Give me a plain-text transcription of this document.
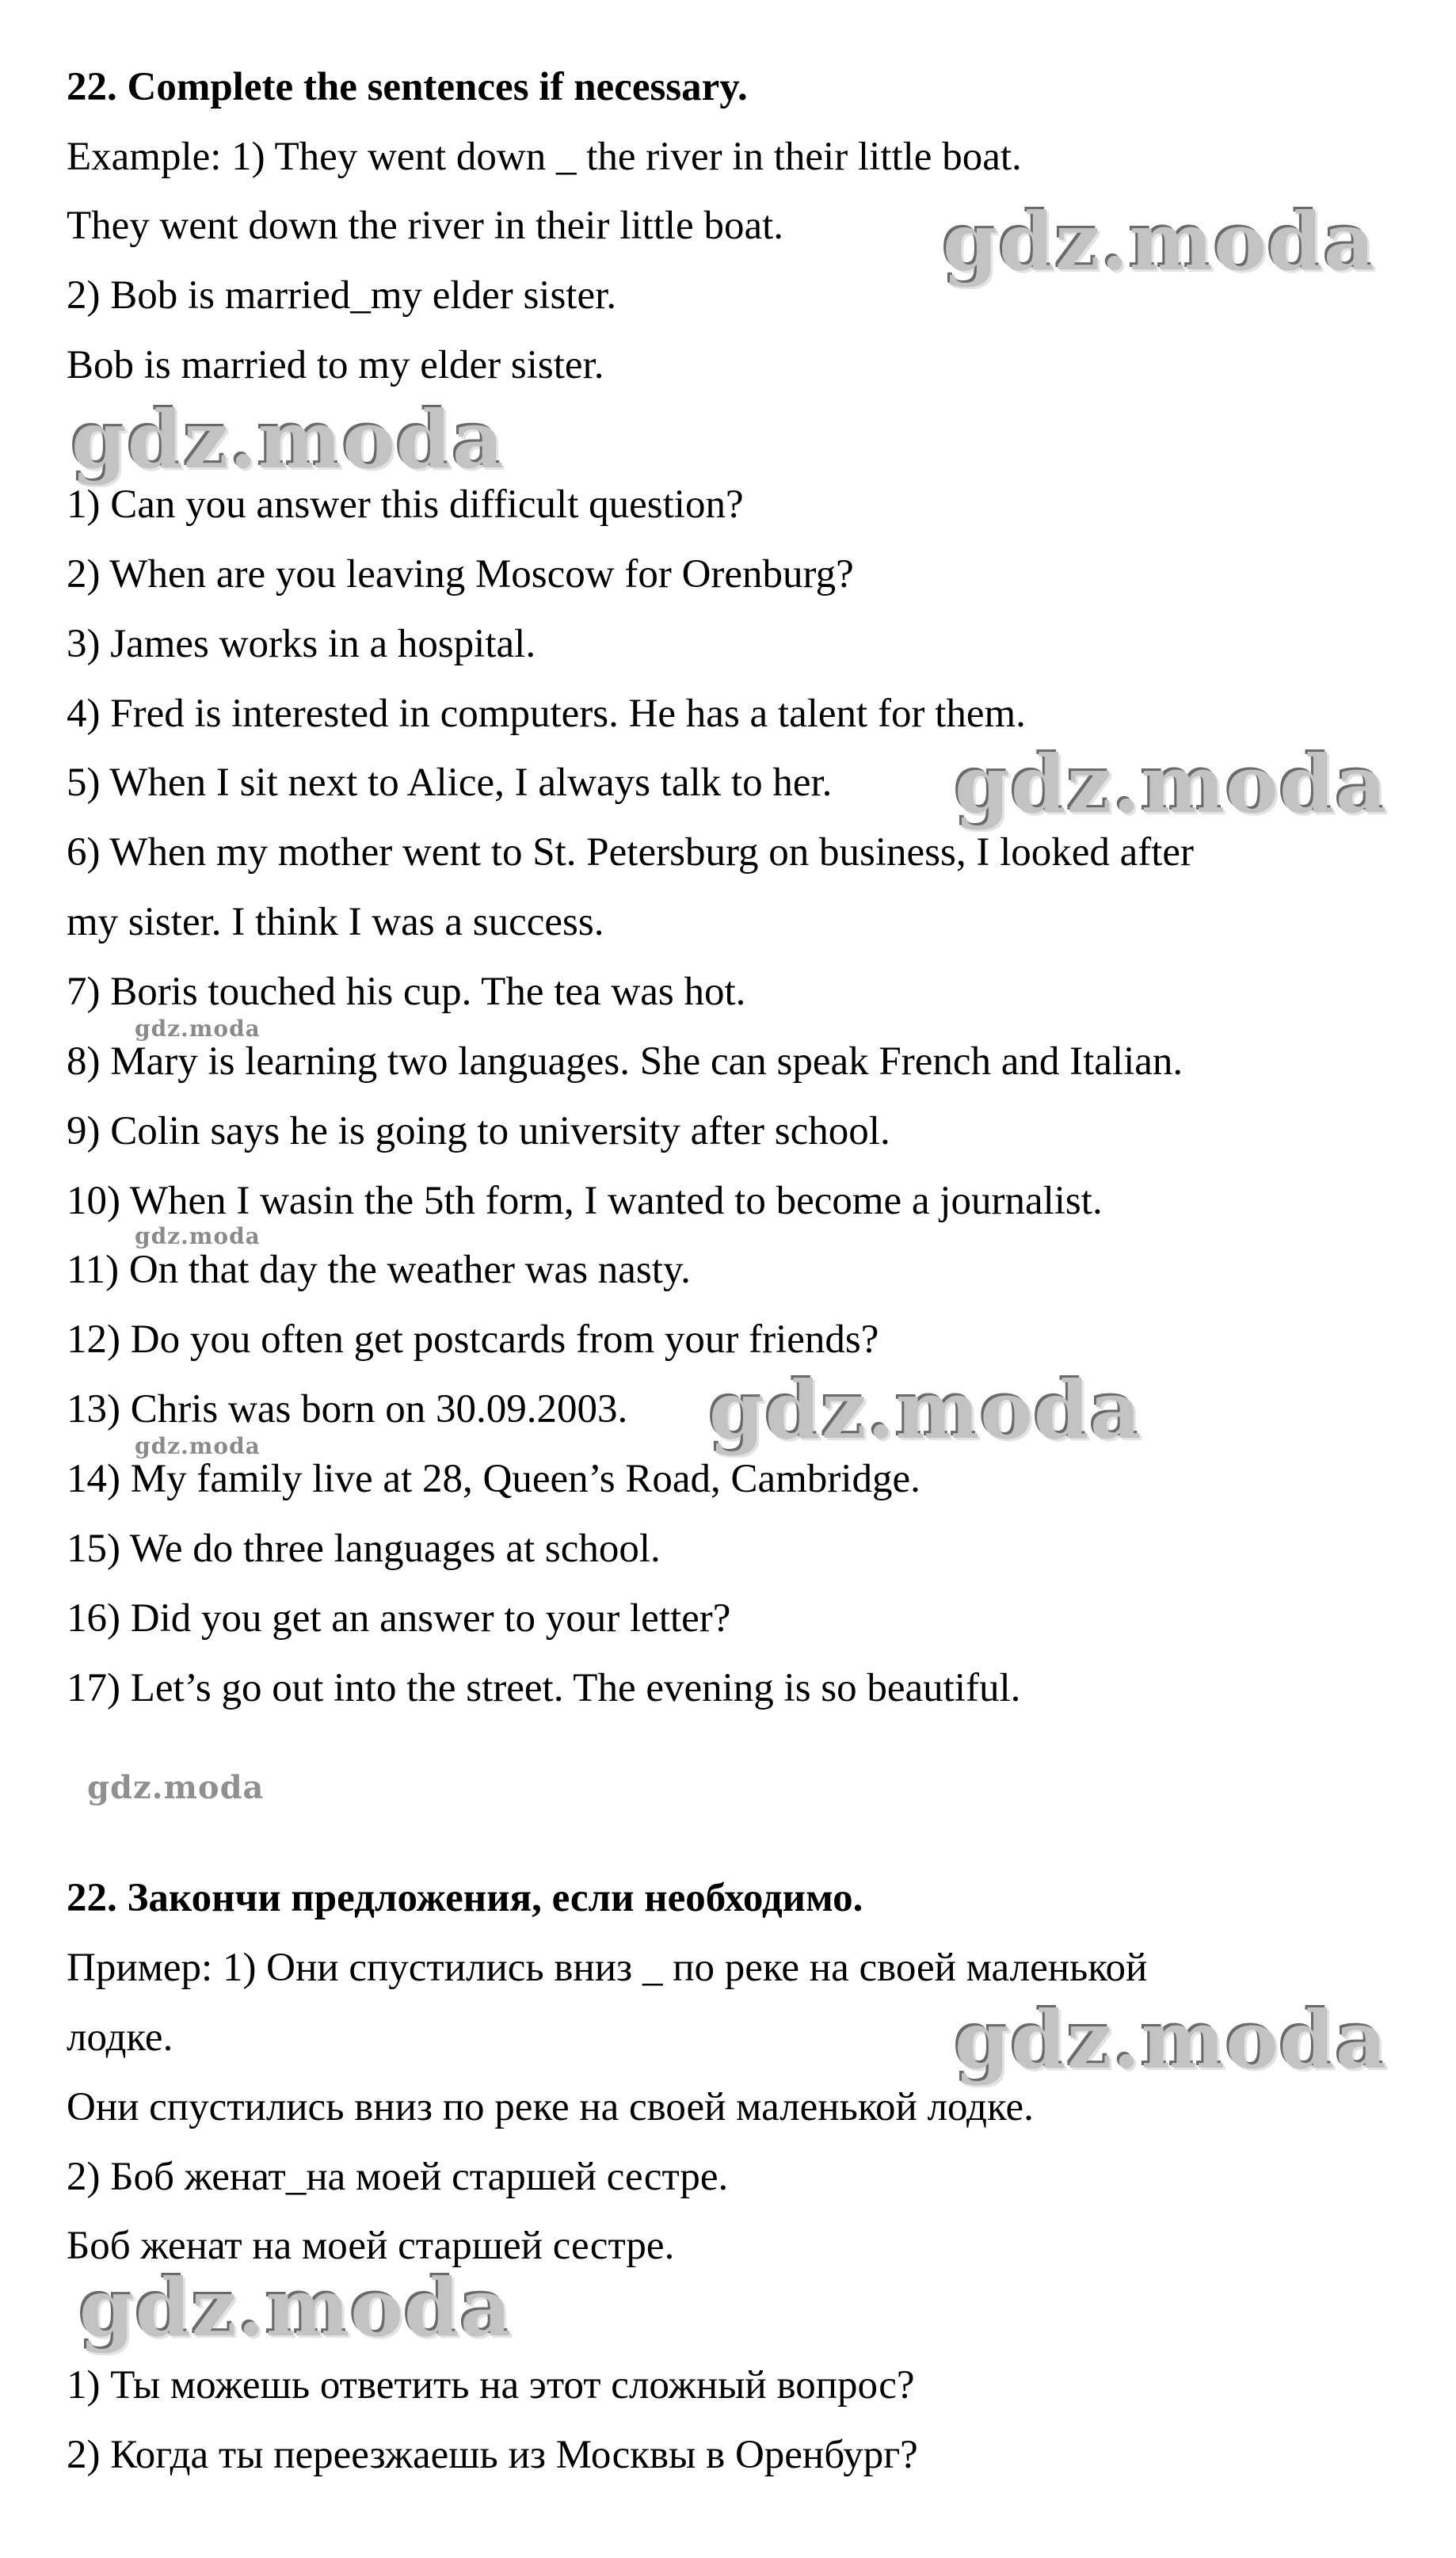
22. Complete the sentences if necessary.
Example: 1) They went down _ the river in their little boat.
They went down the river in their little boat.
2) Bob is married_my elder sister.
Bob is married to my elder sister.
1) Can you answer this difficult question?
2) When are you leaving Moscow for Orenburg?
3) James works in a hospital.
4) Fred is interested in computers. He has a talent for them.
5) When I sit next to Alice, I always talk to her.
6) When my mother went to St. Petersburg on business, I looked after
my sister. I think I was a success.
7) Boris touched his cup. The tea was hot.
8) Mary is learning two languages. She can speak French and Italian.
9) Colin says he is going to university after school.
10) When I wasin the 5th form, I wanted to become a journalist.
11) On that day the weather was nasty.
12) Do you often get postcards from your friends?
13) Chris was born on 30.09.2003.
14) My family live at 28, Queen’s Road, Cambridge.
15) We do three languages at school.
16) Did you get an answer to your letter?
17) Let’s go out into the street. The evening is so beautiful.
22. Закончи предложения, если необходимо.
Пример: 1) Они спустились вниз _ по реке на своей маленькой
лодке.
Они спустились вниз по реке на своей маленькой лодке.
2) Боб женат_на моей старшей сестре.
Боб женат на моей старшей сестре.
1) Ты можешь ответить на этот сложный вопрос?
2) Когда ты переезжаешь из Москвы в Оренбург?
gdz.moda
gdz.moda
gdz.moda
gdz.moda
gdz.moda
gdz.moda
gdz.moda
gdz.moda
gdz.moda
gdz.moda
